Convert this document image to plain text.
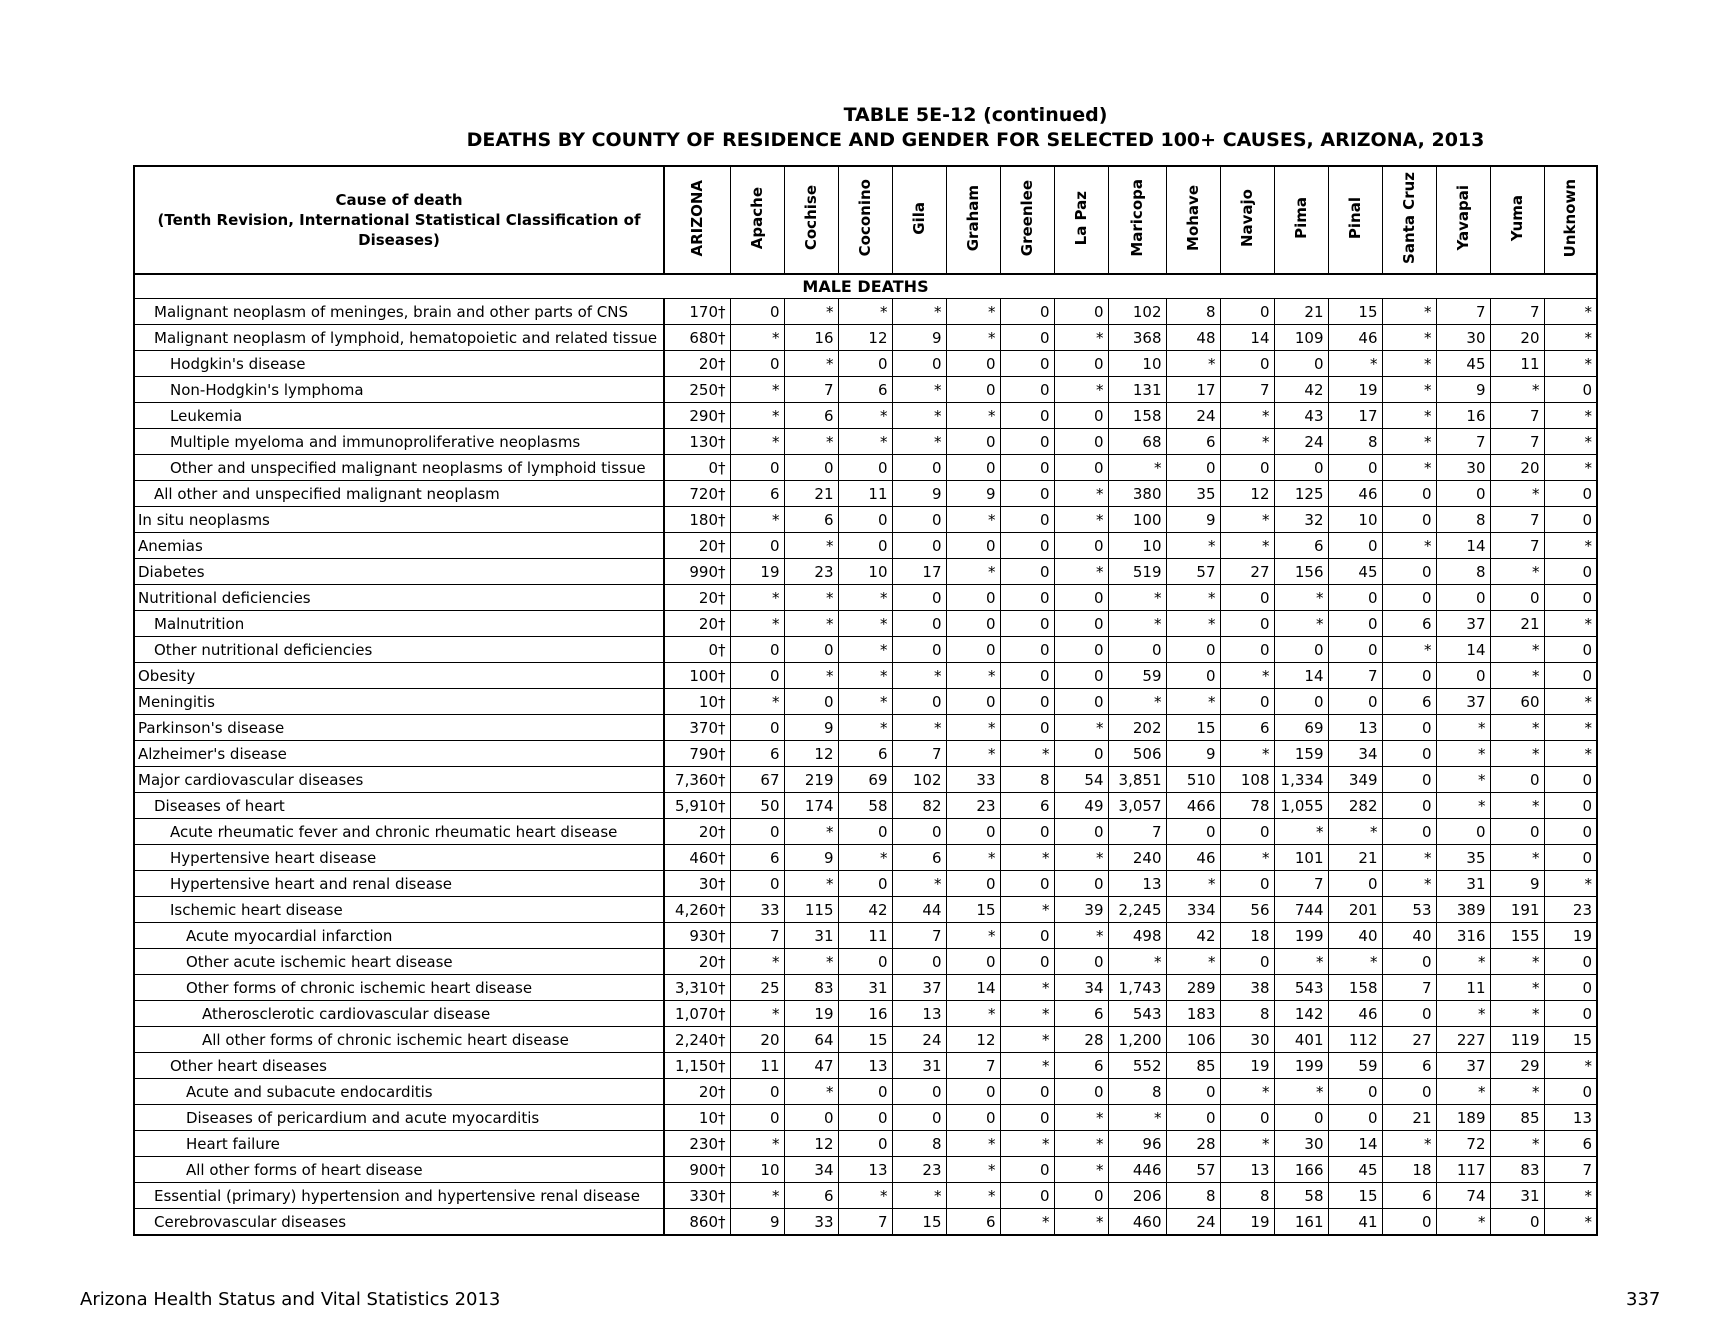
TABLE 5E-12 (continued)
DEATHS BY COUNTY OF RESIDENCE AND GENDER FOR SELECTED 100+ CAUSES, ARIZONA, 2013
Cause of death
(Tenth Revision, International Statistical Classification of Diseases)	ARIZONA	Apache	Cochise	Coconino	Gila	Graham	Greenlee	La Paz	Maricopa	Mohave	Navajo	Pima	Pinal	Santa Cruz	Yavapai	Yuma	Unknown
MALE DEATHS																	
Malignant neoplasm of meninges, brain and other parts of CNS	170†	0	*	*	*	*	0	0	102	8	0	21	15	*	7	7	*
Malignant neoplasm of lymphoid, hematopoietic and related tissue	680†	*	16	12	9	*	0	*	368	48	14	109	46	*	30	20	*
Hodgkin's disease	20†	0	*	0	0	0	0	0	10	*	0	0	*	*	45	11	*
Non-Hodgkin's lymphoma	250†	*	7	6	*	0	0	*	131	17	7	42	19	*	9	*	0
Leukemia	290†	*	6	*	*	*	0	0	158	24	*	43	17	*	16	7	*
Multiple myeloma and immunoproliferative neoplasms	130†	*	*	*	*	0	0	0	68	6	*	24	8	*	7	7	*
Other and unspecified malignant neoplasms of lymphoid tissue	0†	0	0	0	0	0	0	0	*	0	0	0	0	*	30	20	*
All other and unspecified malignant neoplasm	720†	6	21	11	9	9	0	*	380	35	12	125	46	0	0	*	0
In situ neoplasms	180†	*	6	0	0	*	0	*	100	9	*	32	10	0	8	7	0
Anemias	20†	0	*	0	0	0	0	0	10	*	*	6	0	*	14	7	*
Diabetes	990†	19	23	10	17	*	0	*	519	57	27	156	45	0	8	*	0
Nutritional deficiencies	20†	*	*	*	0	0	0	0	*	*	0	*	0	0	0	0	0
Malnutrition	20†	*	*	*	0	0	0	0	*	*	0	*	0	6	37	21	*
Other nutritional deficiencies	0†	0	0	*	0	0	0	0	0	0	0	0	0	*	14	*	0
Obesity	100†	0	*	*	*	*	0	0	59	0	*	14	7	0	0	*	0
Meningitis	10†	*	0	*	0	0	0	0	*	*	0	0	0	6	37	60	*
Parkinson's disease	370†	0	9	*	*	*	0	*	202	15	6	69	13	0	*	*	*
Alzheimer's disease	790†	6	12	6	7	*	*	0	506	9	*	159	34	0	*	*	*
Major cardiovascular diseases	7,360†	67	219	69	102	33	8	54	3,851	510	108	1,334	349	0	*	0	0
Diseases of heart	5,910†	50	174	58	82	23	6	49	3,057	466	78	1,055	282	0	*	*	0
Acute rheumatic fever and chronic rheumatic heart disease	20†	0	*	0	0	0	0	0	7	0	0	*	*	0	0	0	0
Hypertensive heart disease	460†	6	9	*	6	*	*	*	240	46	*	101	21	*	35	*	0
Hypertensive heart and renal disease	30†	0	*	0	*	0	0	0	13	*	0	7	0	*	31	9	*
Ischemic heart disease	4,260†	33	115	42	44	15	*	39	2,245	334	56	744	201	53	389	191	23
Acute myocardial infarction	930†	7	31	11	7	*	0	*	498	42	18	199	40	40	316	155	19
Other acute ischemic heart disease	20†	*	*	0	0	0	0	0	*	*	0	*	*	0	*	*	0
Other forms of chronic ischemic heart disease	3,310†	25	83	31	37	14	*	34	1,743	289	38	543	158	7	11	*	0
Atherosclerotic cardiovascular disease	1,070†	*	19	16	13	*	*	6	543	183	8	142	46	0	*	*	0
All other forms of chronic ischemic heart disease	2,240†	20	64	15	24	12	*	28	1,200	106	30	401	112	27	227	119	15
Other heart diseases	1,150†	11	47	13	31	7	*	6	552	85	19	199	59	6	37	29	*
Acute and subacute endocarditis	20†	0	*	0	0	0	0	0	8	0	*	*	0	0	*	*	0
Diseases of pericardium and acute myocarditis	10†	0	0	0	0	0	0	*	*	0	0	0	0	21	189	85	13
Heart failure	230†	*	12	0	8	*	*	*	96	28	*	30	14	*	72	*	6
All other forms of heart disease	900†	10	34	13	23	*	0	*	446	57	13	166	45	18	117	83	7
Essential (primary) hypertension and hypertensive renal disease	330†	*	6	*	*	*	0	0	206	8	8	58	15	6	74	31	*
Cerebrovascular diseases	860†	9	33	7	15	6	*	*	460	24	19	161	41	0	*	0	*
Arizona Health Status and Vital Statistics 2013	337
